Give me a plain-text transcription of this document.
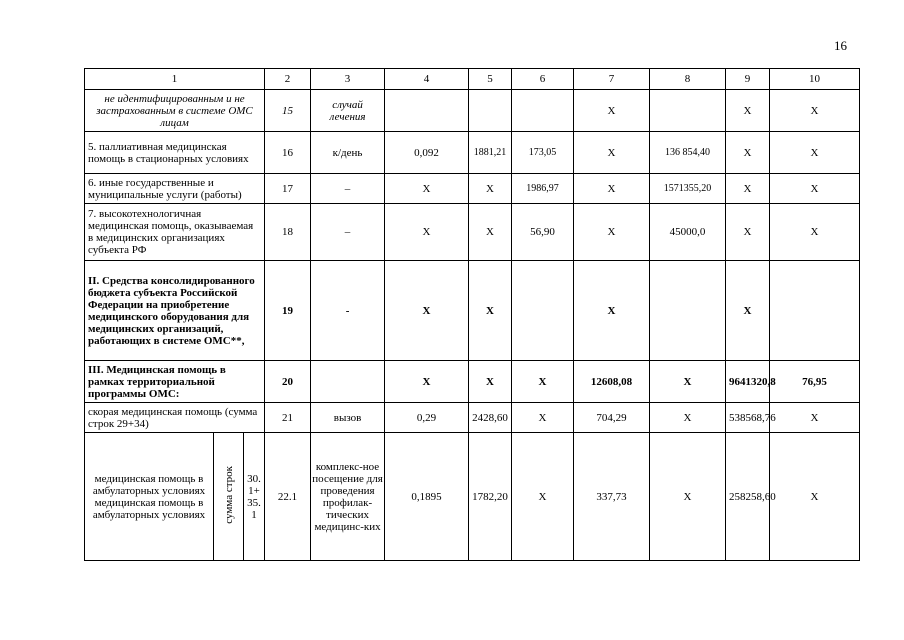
16
1			2	3	4	5	6	7	8	9	10
не идентифицированным и не застрахованным в системе ОМС лицам			15	случай лечения				X		X	X
5. паллиативная медицинская помощь в стационарных условиях			16	к/день	0,092	1881,21	173,05	X	136 854,40	X	X
6. иные государственные и муниципальные услуги (работы)			17	–	X	X	1986,97	X	1571355,20	X	X
7. высокотехнологичная медицинская помощь, оказываемая в медицинских организациях субъекта РФ			18	–	X	X	56,90	X	45000,0	X	X
II. Средства консолидированного бюджета субъекта Российской Федерации на приобретение медицинского оборудования для медицинских организаций, работающих в системе ОМС**,			19	-	X	X		X		X	
III. Медицинская помощь в рамках территориальной программы ОМС:			20		X	X	X	12608,08	X	9641320,8	76,95
скорая медицинская помощь (сумма строк 29+34)			21	вызов	0,29	2428,60	X	704,29	X	538568,76	X
медицинская помощь в амбулаторных условиях медицинская помощь в амбулаторных условиях	сумма строк	30. 1+ 35. 1	22.1	комплекс-ное посещение для проведения профилак-тических медицинс-ких	0,1895	1782,20	X	337,73	X	258258,60	X
